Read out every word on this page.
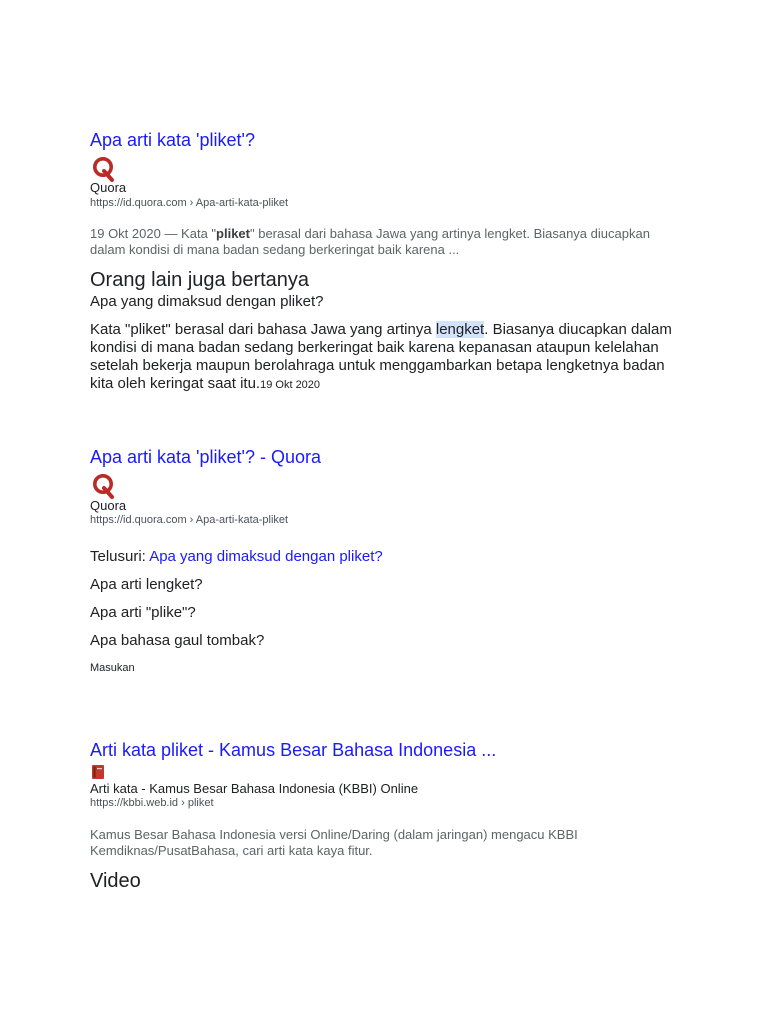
Apa arti kata 'pliket'?
Quora
https://id.quora.com › Apa-arti-kata-pliket
19 Okt 2020 — Kata "pliket" berasal dari bahasa Jawa yang artinya lengket. Biasanya diucapkan dalam kondisi di mana badan sedang berkeringat baik karena ...
Orang lain juga bertanya
Apa yang dimaksud dengan pliket?
Kata "pliket" berasal dari bahasa Jawa yang artinya lengket. Biasanya diucapkan dalam kondisi di mana badan sedang berkeringat baik karena kepanasan ataupun kelelahan setelah bekerja maupun berolahraga untuk menggambarkan betapa lengketnya badan kita oleh keringat saat itu.19 Okt 2020
Apa arti kata 'pliket'? - Quora
Quora
https://id.quora.com › Apa-arti-kata-pliket
Telusuri: Apa yang dimaksud dengan pliket?
Apa arti lengket?
Apa arti "plike"?
Apa bahasa gaul tombak?
Masukan
Arti kata pliket - Kamus Besar Bahasa Indonesia ...
Arti kata - Kamus Besar Bahasa Indonesia (KBBI) Online
https://kbbi.web.id › pliket
Kamus Besar Bahasa Indonesia versi Online/Daring (dalam jaringan) mengacu KBBI Kemdiknas/PusatBahasa, cari arti kata kaya fitur.
Video
